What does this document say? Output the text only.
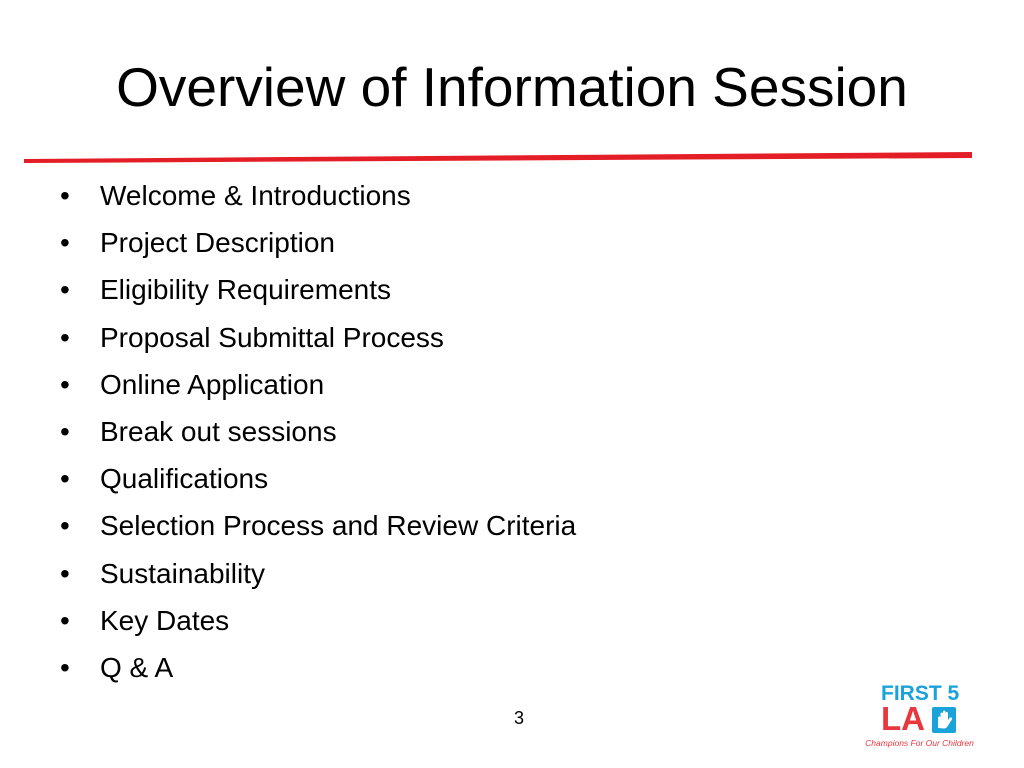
Overview of Information Session
•	Welcome & Introductions
•	Project Description
•	Eligibility Requirements
•	Proposal Submittal Process
•	Online Application
•	Break out sessions
•	Qualifications
•	Selection Process and Review Criteria
•	Sustainability
•	Key Dates
•	Q & A
3
FIRST 5
LA
Champions For Our Children
